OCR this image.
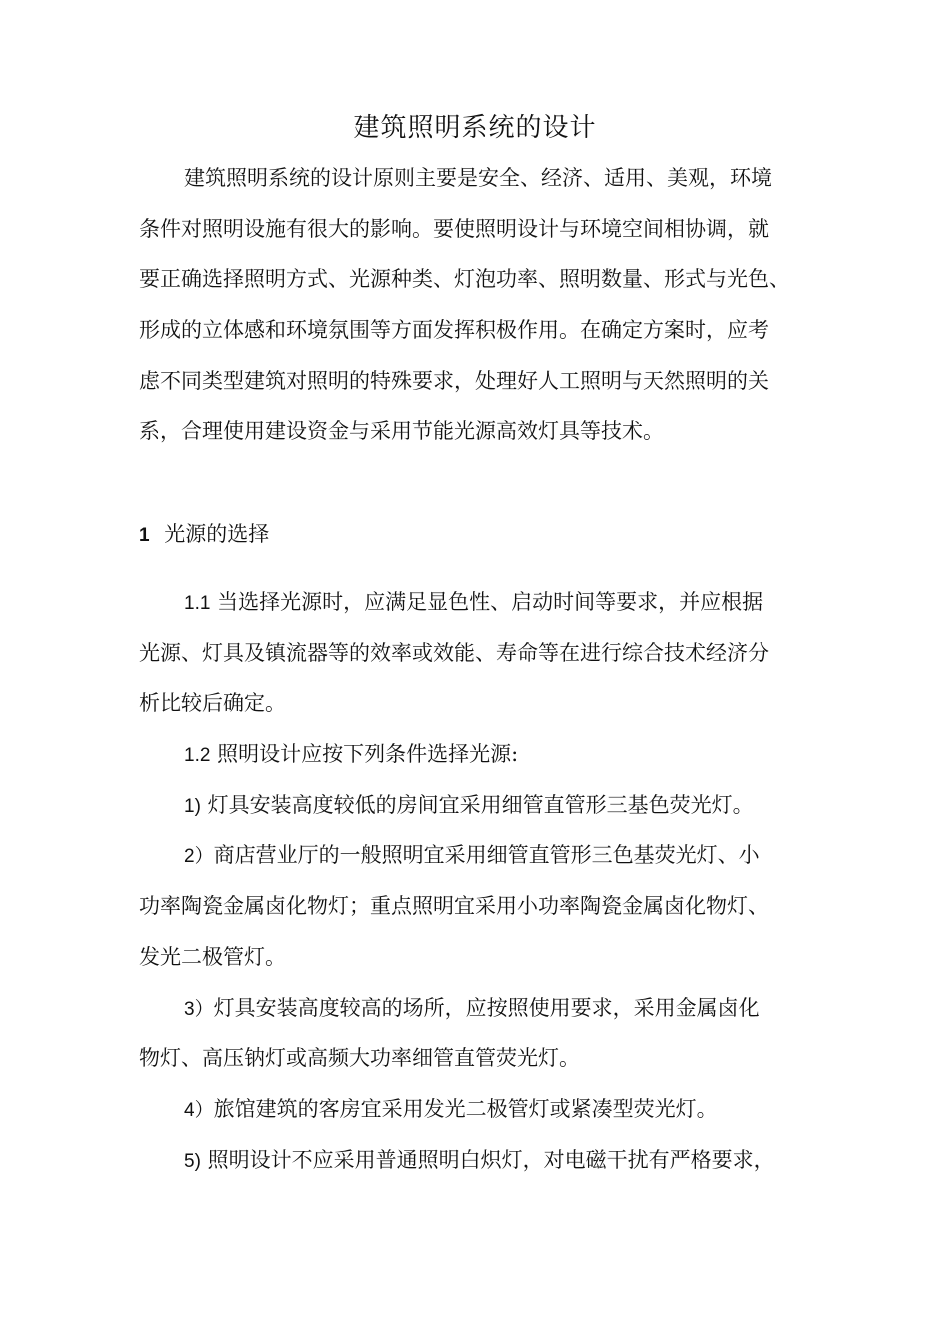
建筑照明系统的设计
建筑照明系统的设计原则主要是安全、经济、适用、美观，环境
条件对照明设施有很大的影响。要使照明设计与环境空间相协调，就
要正确选择照明方式、光源种类、灯泡功率、照明数量、形式与光色、
形成的立体感和环境氛围等方面发挥积极作用。在确定方案时，应考
虑不同类型建筑对照明的特殊要求，处理好人工照明与天然照明的关
系，合理使用建设资金与采用节能光源高效灯具等技术。
1 光源的选择
1.1 当选择光源时，应满足显色性、启动时间等要求，并应根据
光源、灯具及镇流器等的效率或效能、寿命等在进行综合技术经济分
析比较后确定。
1.2 照明设计应按下列条件选择光源:
1) 灯具安装高度较低的房间宜采用细管直管形三基色荧光灯。
2）商店营业厅的一般照明宜采用细管直管形三色基荧光灯、小
功率陶瓷金属卤化物灯；重点照明宜采用小功率陶瓷金属卤化物灯、
发光二极管灯。
3）灯具安装高度较高的场所，应按照使用要求，采用金属卤化
物灯、高压钠灯或高频大功率细管直管荧光灯。
4）旅馆建筑的客房宜采用发光二极管灯或紧凑型荧光灯。
5) 照明设计不应采用普通照明白炽灯，对电磁干扰有严格要求，
